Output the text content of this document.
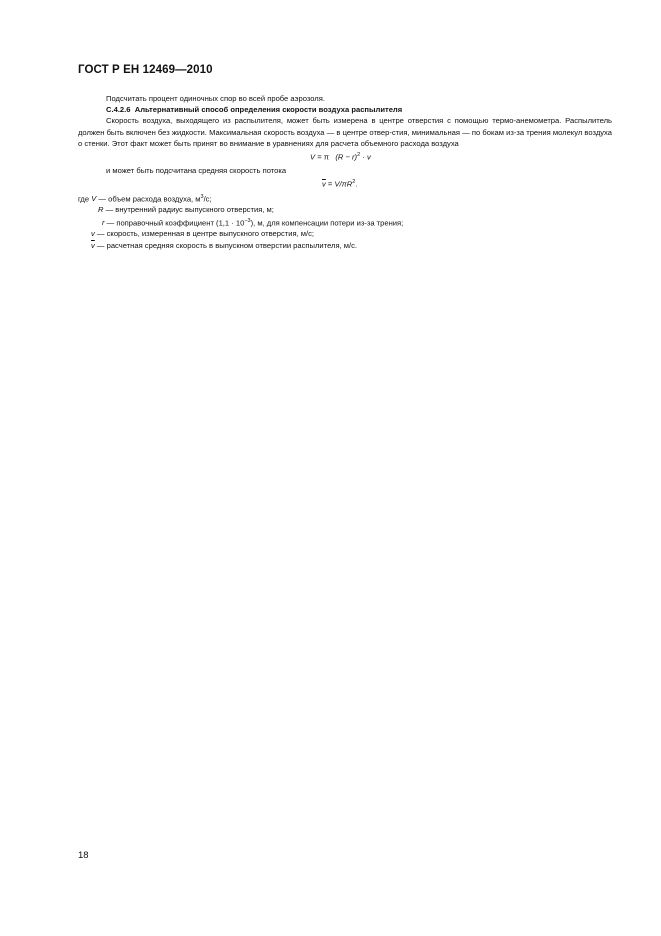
ГОСТ Р ЕН 12469—2010

Подсчитать процент одиночных спор во всей пробе аэрозоля.

С.4.2.6 Альтернативный способ определения скорости воздуха распылителя

Скорость воздуха, выходящего из распылителя, может быть измерена в центре отверстия с помощью термо-анемометра. Распылитель должен быть включен без жидкости. Максимальная скорость воздуха — в центре отвер-стия, минимальная — по бокам из-за трения молекул воздуха о стенки. Этот факт может быть принят во внимание в уравнениях для расчета объемного расхода воздуха

V = π $(R - r)^2 \cdot v$

и может быть подсчитана средняя скорость потока

$\overline{v} = V/\pi R^2$.

где V — объем расхода воздуха, $м^3/с$;

R — внутренний радиус выпускного отверстия, м;

r — поправочный коэффициент $(1,1 \cdot 10^{-3})$, м, для компенсации потери из-за трения;

v — скорость, измеренная в центре выпускного отверстия, м/с;

$\overline{v}$ — расчетная средняя скорость в выпускном отверстии распылителя, м/с.

18
